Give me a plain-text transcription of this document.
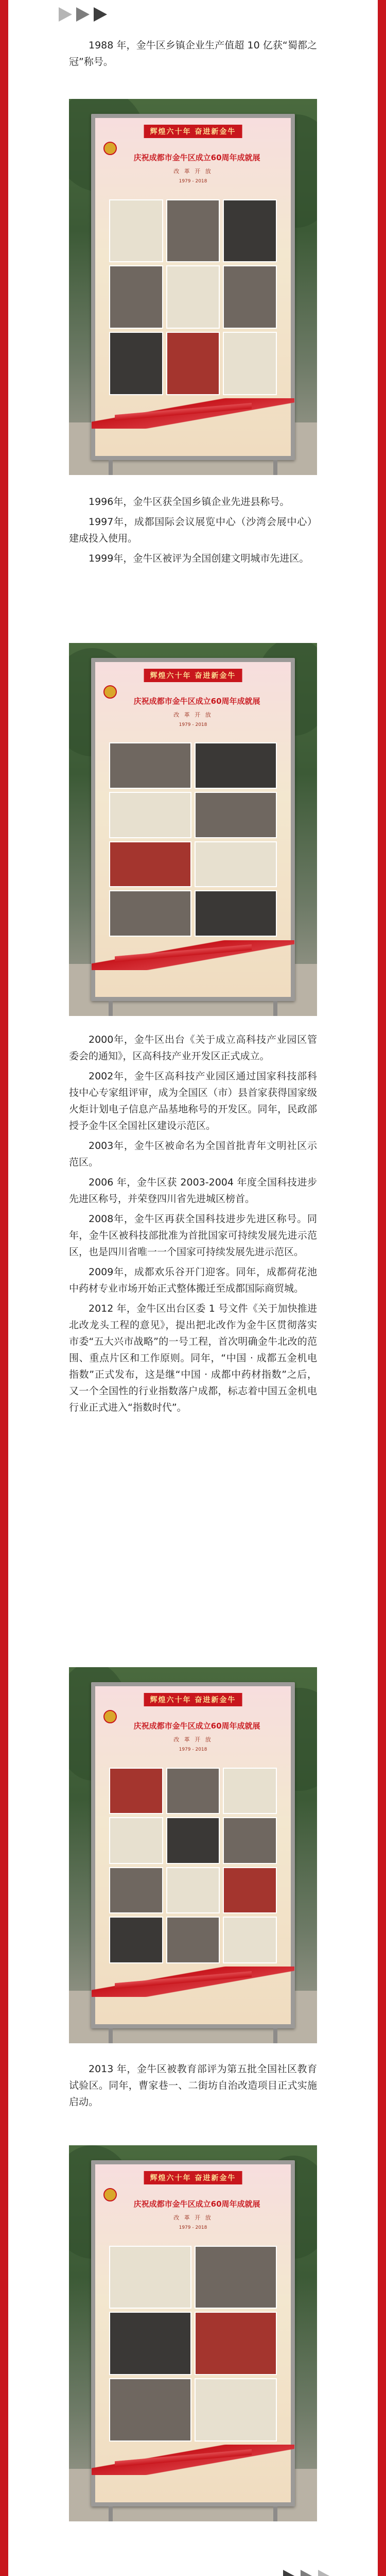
1988 年，金牛区乡镇企业生产值超 10 亿获“蜀都之冠”称号。

辉煌六十年 奋进新金牛
庆祝成都市金牛区成立60周年成就展
改 革 开 放
1979 - 2018

1996年，金牛区获全国乡镇企业先进县称号。

1997年，成都国际会议展览中心（沙湾会展中心）建成投入使用。

1999年，金牛区被评为全国创建文明城市先进区。

辉煌六十年 奋进新金牛
庆祝成都市金牛区成立60周年成就展
改 革 开 放
1979 - 2018

2000年，金牛区出台《关于成立高科技产业园区管委会的通知》，区高科技产业开发区正式成立。

2002年，金牛区高科技产业园区通过国家科技部科技中心专家组评审，成为全国区（市）县首家获得国家级火炬计划电子信息产品基地称号的开发区。同年，民政部授予金牛区全国社区建设示范区。

2003年，金牛区被命名为全国首批青年文明社区示范区。

2006 年，金牛区获 2003-2004 年度全国科技进步先进区称号，并荣登四川省先进城区榜首。

2008年，金牛区再获全国科技进步先进区称号。同年，金牛区被科技部批准为首批国家可持续发展先进示范区，也是四川省唯一一个国家可持续发展先进示范区。

2009年，成都欢乐谷开门迎客。同年，成都荷花池中药材专业市场开始正式整体搬迁至成都国际商贸城。

2012 年，金牛区出台区委 1 号文件《关于加快推进北改龙头工程的意见》，提出把北改作为金牛区贯彻落实市委“五大兴市战略”的一号工程，首次明确金牛北改的范围、重点片区和工作原则。同年，“中国 · 成都五金机电指数”正式发布，这是继“中国 · 成都中药材指数”之后，又一个全国性的行业指数落户成都，标志着中国五金机电行业正式进入“指数时代”。

辉煌六十年 奋进新金牛
庆祝成都市金牛区成立60周年成就展
改 革 开 放
1979 - 2018

2013 年，金牛区被教育部评为第五批全国社区教育试验区。同年，曹家巷一、二街坊自治改造项目正式实施启动。

辉煌六十年 奋进新金牛
庆祝成都市金牛区成立60周年成就展
改 革 开 放
1979 - 2018
